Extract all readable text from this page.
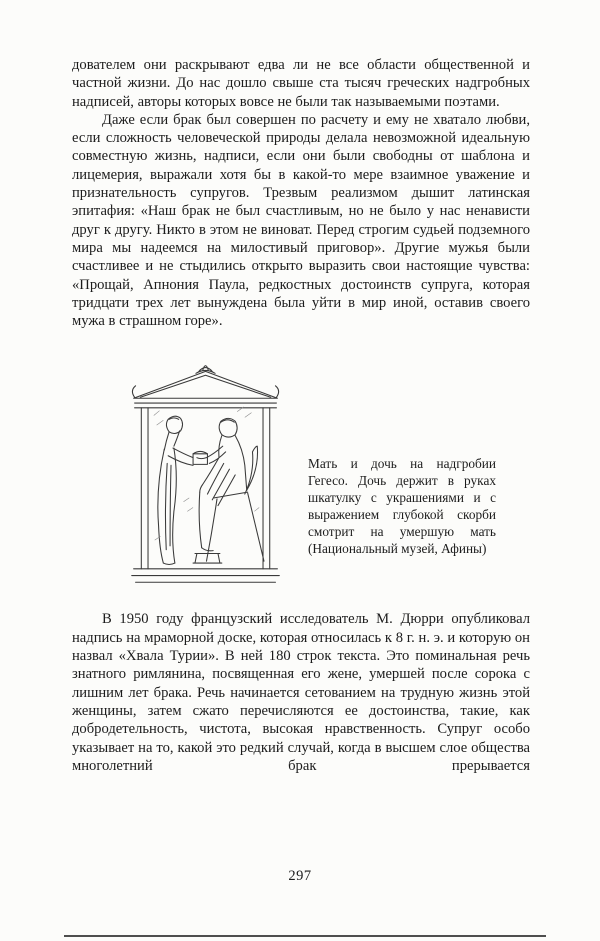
дователем они раскрывают едва ли не все области общественной и частной жизни. До нас дошло свыше ста тысяч греческих надгробных надписей, авторы которых вовсе не были так называемыми поэтами.

Даже если брак был совершен по расчету и ему не хватало любви, если сложность человеческой природы делала невозможной идеальную совместную жизнь, надписи, если они были свободны от шаблона и лицемерия, выражали хотя бы в какой-то мере взаимное уважение и признательность супругов. Трезвым реализмом дышит латинская эпитафия: «Наш брак не был счастливым, но не было у нас ненависти друг к другу. Никто в этом не виноват. Перед строгим судьей подземного мира мы надеемся на милостивый приговор». Другие мужья были счастливее и не стыдились открыто выразить свои настоящие чувства: «Прощай, Апнония Паула, редкостных достоинств супруга, которая тридцати трех лет вынуждена была уйти в мир иной, оставив своего мужа в страшном горе».

Мать и дочь на надгробии Гегесо. Дочь держит в руках шкатулку с украшениями и с выражением глубокой скорби смотрит на умершую мать (Национальный музей, Афины)

В 1950 году французский исследователь М. Дюрри опубликовал надпись на мраморной доске, которая относилась к 8 г. н. э. и которую он назвал «Хвала Турии». В ней 180 строк текста. Это поминальная речь знатного римлянина, посвященная его жене, умершей после сорока с лишним лет брака. Речь начинается сетованием на трудную жизнь этой женщины, затем сжато перечисляются ее достоинства, такие, как добродетельность, чистота, высокая нравственность. Супруг особо указывает на то, какой это редкий случай, когда в высшем слое общества многолетний брак прерывается

297
